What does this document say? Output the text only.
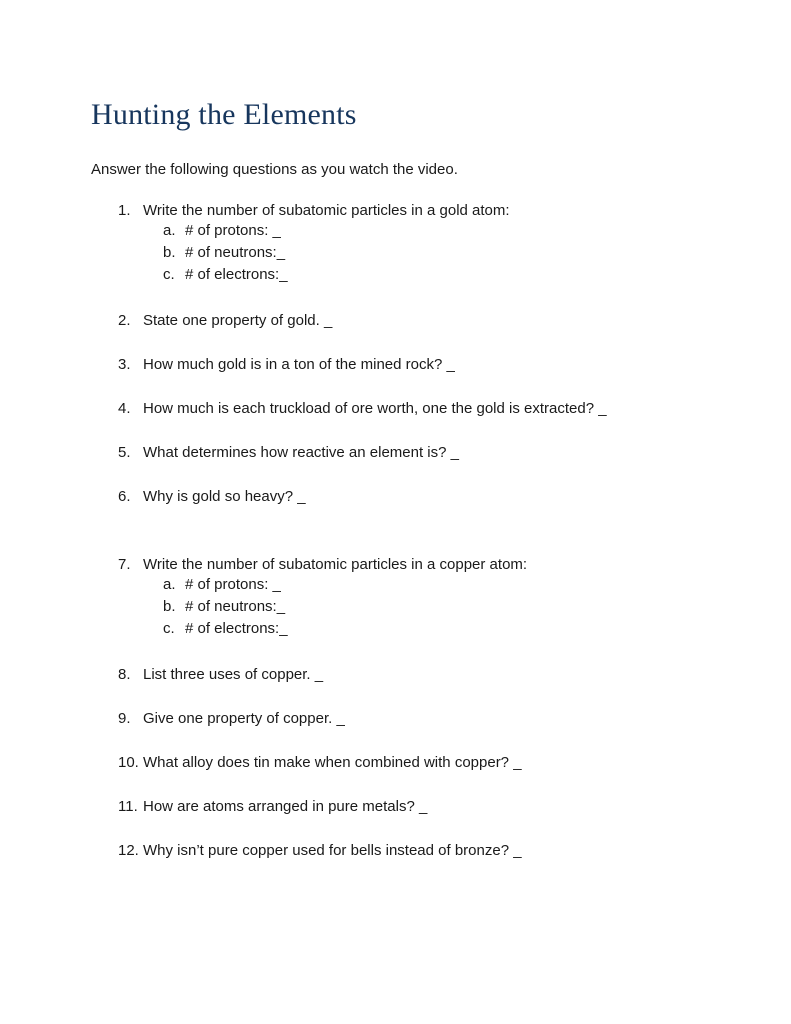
Hunting the Elements

Answer the following questions as you watch the video.

1. Write the number of subatomic particles in a gold atom:
a. # of protons: _
b. # of neutrons:_
c. # of electrons:_
2. State one property of gold. _
3. How much gold is in a ton of the mined rock? _
4. How much is each truckload of ore worth, one the gold is extracted? _
5. What determines how reactive an element is? _
6. Why is gold so heavy? _
7. Write the number of subatomic particles in a copper atom:
a. # of protons: _
b. # of neutrons:_
c. # of electrons:_
8. List three uses of copper. _
9. Give one property of copper. _
10. What alloy does tin make when combined with copper? _
11. How are atoms arranged in pure metals? _
12. Why isn’t pure copper used for bells instead of bronze? _
